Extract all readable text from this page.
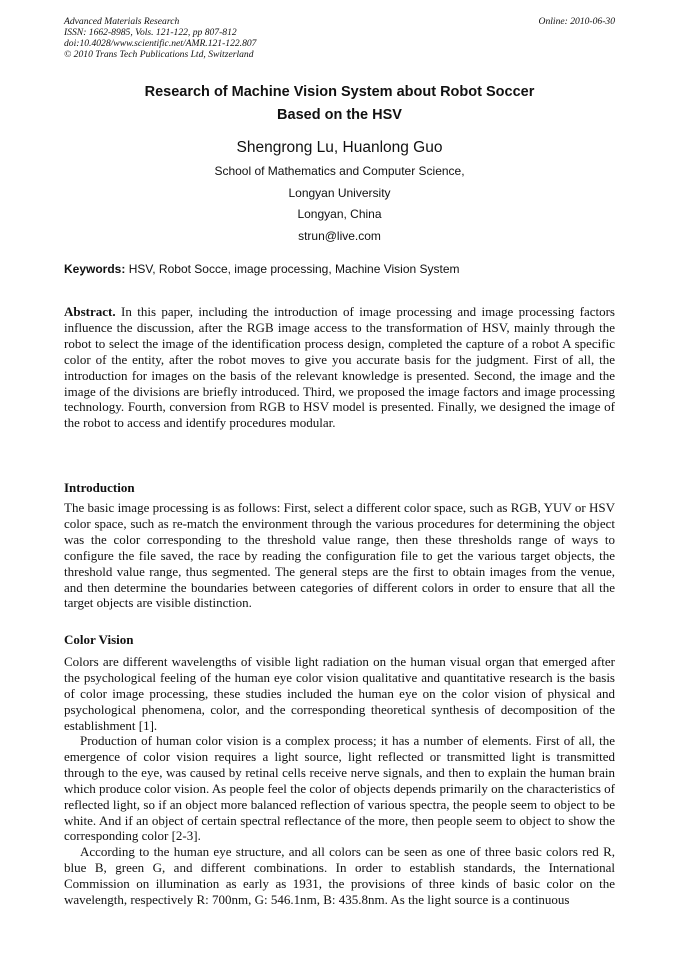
Advanced Materials Research
ISSN: 1662-8985, Vols. 121-122, pp 807-812
doi:10.4028/www.scientific.net/AMR.121-122.807
© 2010 Trans Tech Publications Ltd, Switzerland
Online: 2010-06-30
Research of Machine Vision System about Robot Soccer
Based on the HSV
Shengrong Lu, Huanlong Guo
School of Mathematics and Computer Science,
Longyan University
Longyan, China
strun@live.com
Keywords: HSV, Robot Socce, image processing, Machine Vision System

Abstract. In this paper, including the introduction of image processing and image processing factors influence the discussion, after the RGB image access to the transformation of HSV, mainly through the robot to select the image of the identification process design, completed the capture of a robot A specific color of the entity, after the robot moves to give you accurate basis for the judgment. First of all, the introduction for images on the basis of the relevant knowledge is presented. Second, the image and the image of the divisions are briefly introduced. Third, we proposed the image factors and image processing technology. Fourth, conversion from RGB to HSV model is presented. Finally, we designed the image of the robot to access and identify procedures modular.

Introduction

The basic image processing is as follows: First, select a different color space, such as RGB, YUV or HSV color space, such as re-match the environment through the various procedures for determining the object was the color corresponding to the threshold value range, then these thresholds range of ways to configure the file saved, the race by reading the configuration file to get the various target objects, the threshold value range, thus segmented. The general steps are the first to obtain images from the venue, and then determine the boundaries between categories of different colors in order to ensure that all the target objects are visible distinction.

Color Vision

Colors are different wavelengths of visible light radiation on the human visual organ that emerged after the psychological feeling of the human eye color vision qualitative and quantitative research is the basis of color image processing, these studies included the human eye on the color vision of physical and psychological phenomena, color, and the corresponding theoretical synthesis of decomposition of the establishment [1].

Production of human color vision is a complex process; it has a number of elements. First of all, the emergence of color vision requires a light source, light reflected or transmitted light is transmitted through to the eye, was caused by retinal cells receive nerve signals, and then to explain the human brain which produce color vision. As people feel the color of objects depends primarily on the characteristics of reflected light, so if an object more balanced reflection of various spectra, the people seem to object to be white. And if an object of certain spectral reflectance of the more, then people seem to object to show the corresponding color [2-3].

According to the human eye structure, and all colors can be seen as one of three basic colors red R, blue B, green G, and different combinations. In order to establish standards, the International Commission on illumination as early as 1931, the provisions of three kinds of basic color on the wavelength, respectively R: 700nm, G: 546.1nm, B: 435.8nm. As the light source is a continuous
